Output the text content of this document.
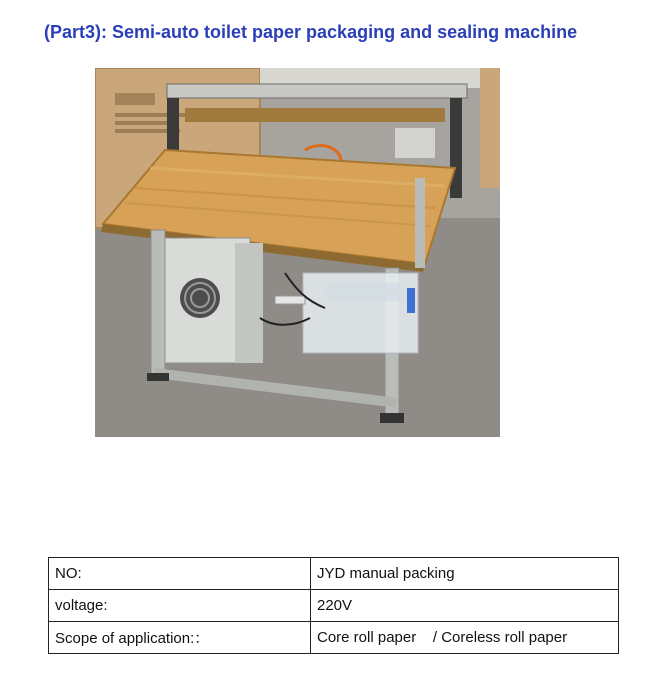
(Part3): Semi-auto toilet paper packaging and sealing machine
NO:	JYD manual packing
voltage:	220V
Scope of application:：	Core roll paper    / Coreless roll paper
